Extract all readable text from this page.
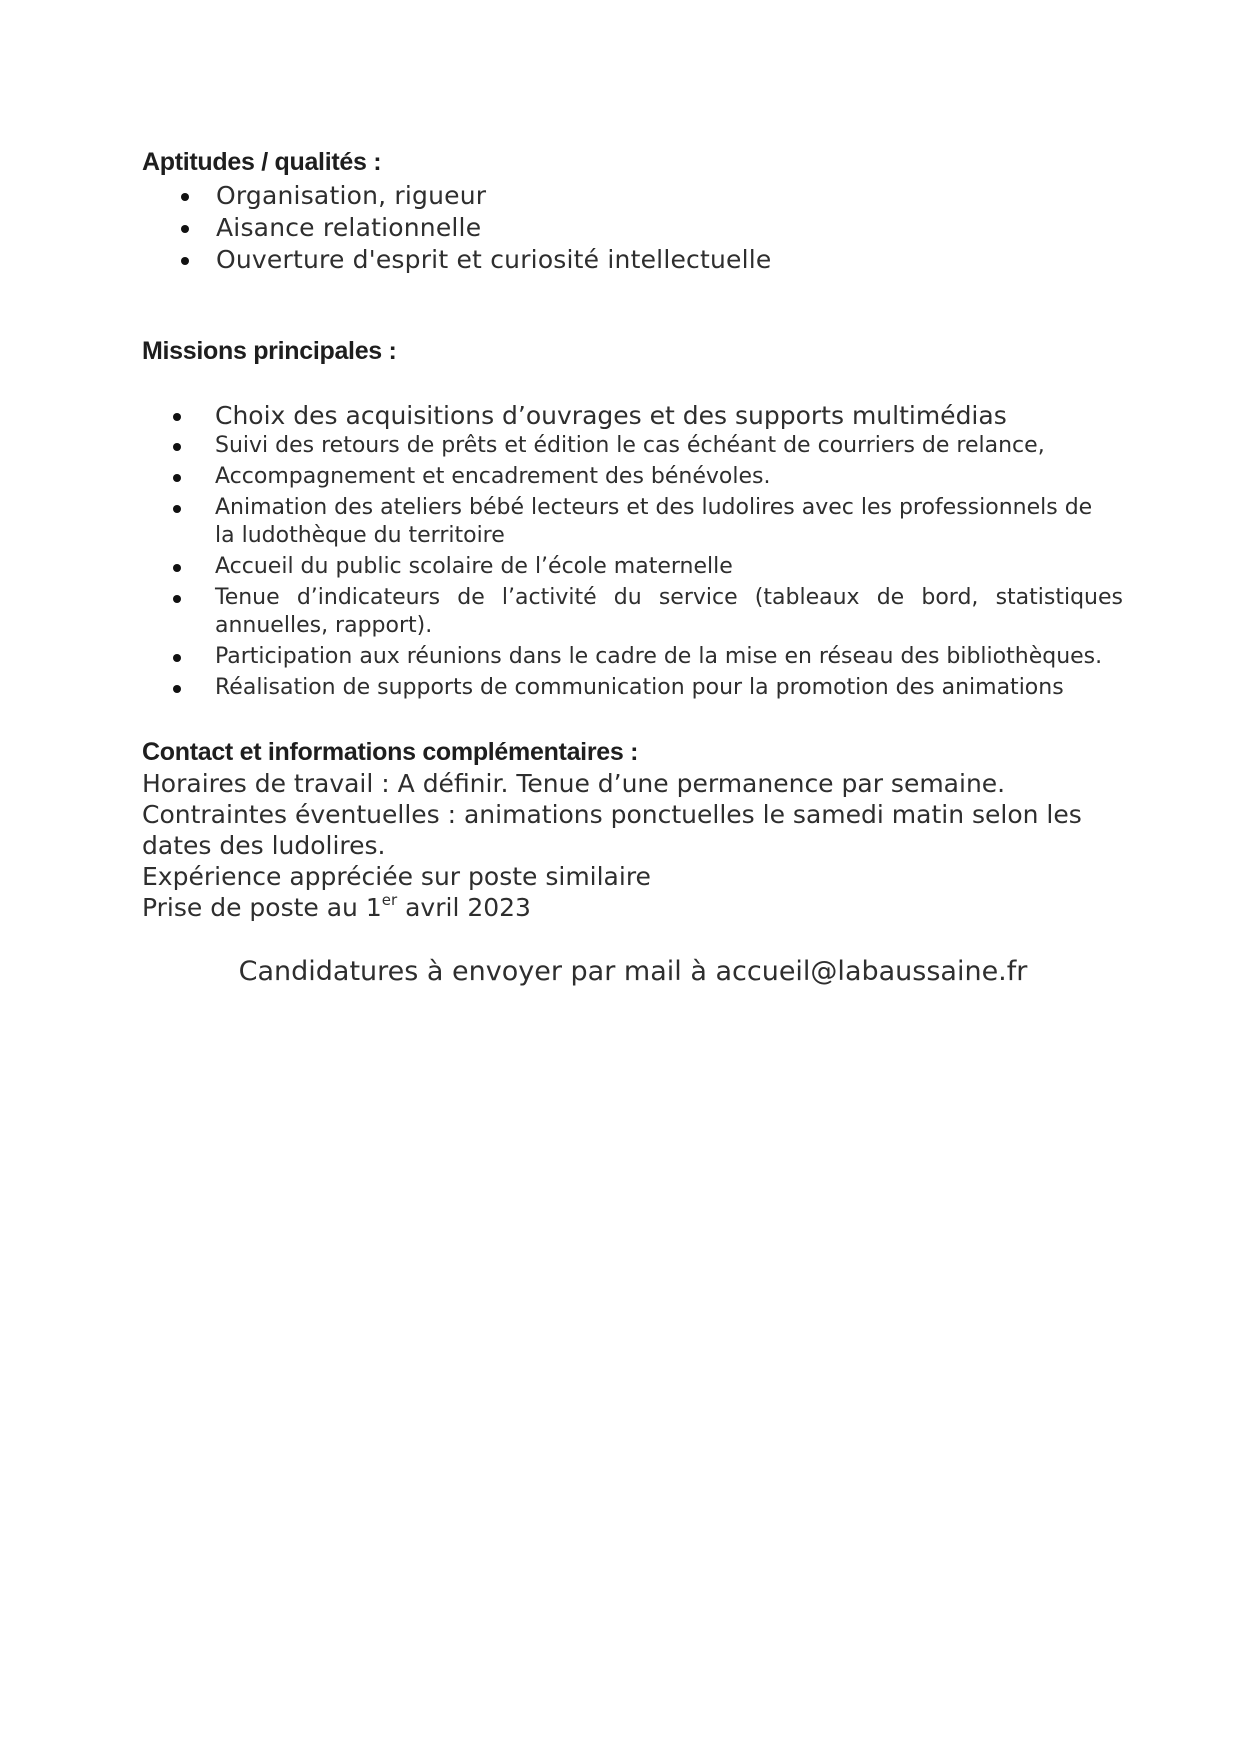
Aptitudes / qualités :
Organisation, rigueur
Aisance relationnelle
Ouverture d'esprit et curiosité intellectuelle
Missions principales :
Choix des acquisitions d’ouvrages et des supports multimédias
Suivi des retours de prêts et édition le cas échéant de courriers de relance,
Accompagnement et encadrement des bénévoles.
Animation des ateliers bébé lecteurs et des ludolires avec les professionnels de
la ludothèque du territoire
Accueil du public scolaire de l’école maternelle
Tenue d’indicateurs de l’activité du service (tableaux de bord, statistiques
annuelles, rapport).
Participation aux réunions dans le cadre de la mise en réseau des bibliothèques.
Réalisation de supports de communication pour la promotion des animations
Contact et informations complémentaires :
Horaires de travail : A définir. Tenue d’une permanence par semaine.
Contraintes éventuelles : animations ponctuelles le samedi matin selon les
dates des ludolires.
Expérience appréciée sur poste similaire
Prise de poste au 1er avril 2023
Candidatures à envoyer par mail à accueil@labaussaine.fr
